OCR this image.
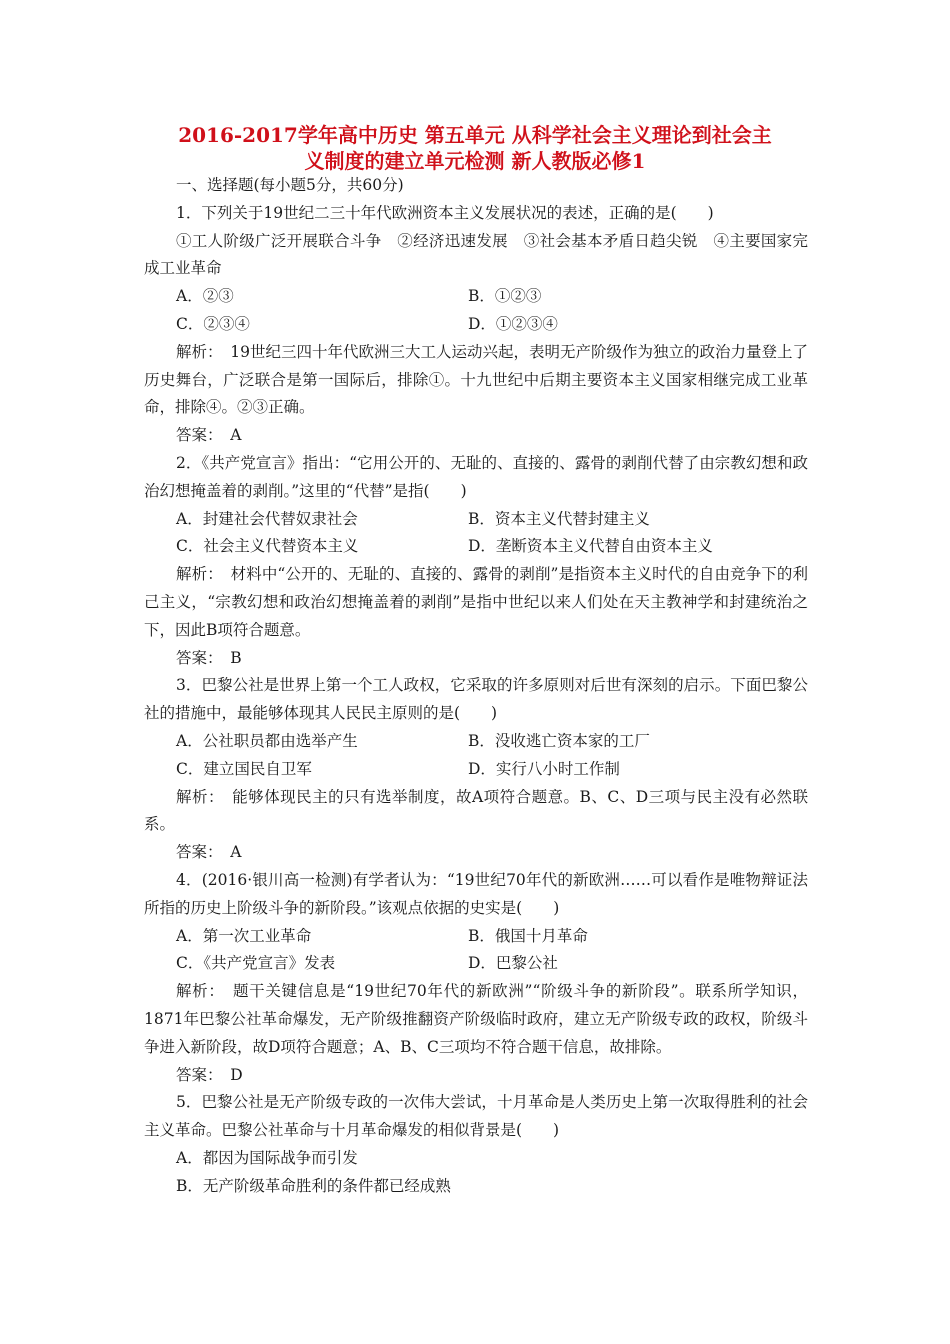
2016-2017学年高中历史 第五单元 从科学社会主义理论到社会主
义制度的建立单元检测 新人教版必修1
一、选择题(每小题5分，共60分)
1．下列关于19世纪二三十年代欧洲资本主义发展状况的表述，正确的是(　　)
①工人阶级广泛开展联合斗争　②经济迅速发展　③社会基本矛盾日趋尖锐　④主要国家完成工业革命
A．②③	B．①②③
C．②③④	D．①②③④
解析：　19世纪三四十年代欧洲三大工人运动兴起，表明无产阶级作为独立的政治力量登上了历史舞台，广泛联合是第一国际后，排除①。十九世纪中后期主要资本主义国家相继完成工业革命，排除④。②③正确。
答案：　A
2．《共产党宣言》指出：“它用公开的、无耻的、直接的、露骨的剥削代替了由宗教幻想和政治幻想掩盖着的剥削。”这里的“代替”是指(　　)
A．封建社会代替奴隶社会	B．资本主义代替封建主义
C．社会主义代替资本主义	D．垄断资本主义代替自由资本主义
解析：　材料中“公开的、无耻的、直接的、露骨的剥削”是指资本主义时代的自由竞争下的利己主义，“宗教幻想和政治幻想掩盖着的剥削”是指中世纪以来人们处在天主教神学和封建统治之下，因此B项符合题意。
答案：　B
3．巴黎公社是世界上第一个工人政权，它采取的许多原则对后世有深刻的启示。下面巴黎公社的措施中，最能够体现其人民民主原则的是(　　)
A．公社职员都由选举产生	B．没收逃亡资本家的工厂
C．建立国民自卫军	D．实行八小时工作制
解析：　能够体现民主的只有选举制度，故A项符合题意。B、C、D三项与民主没有必然联系。
答案：　A
4．(2016·银川高一检测)有学者认为：“19世纪70年代的新欧洲……可以看作是唯物辩证法所指的历史上阶级斗争的新阶段。”该观点依据的史实是(　　)
A．第一次工业革命	B．俄国十月革命
C．《共产党宣言》发表	D．巴黎公社
解析：　题干关键信息是“19世纪70年代的新欧洲”“阶级斗争的新阶段”。联系所学知识，1871年巴黎公社革命爆发，无产阶级推翻资产阶级临时政府，建立无产阶级专政的政权，阶级斗争进入新阶段，故D项符合题意；A、B、C三项均不符合题干信息，故排除。
答案：　D
5．巴黎公社是无产阶级专政的一次伟大尝试，十月革命是人类历史上第一次取得胜利的社会主义革命。巴黎公社革命与十月革命爆发的相似背景是(　　)
A．都因为国际战争而引发
B．无产阶级革命胜利的条件都已经成熟
